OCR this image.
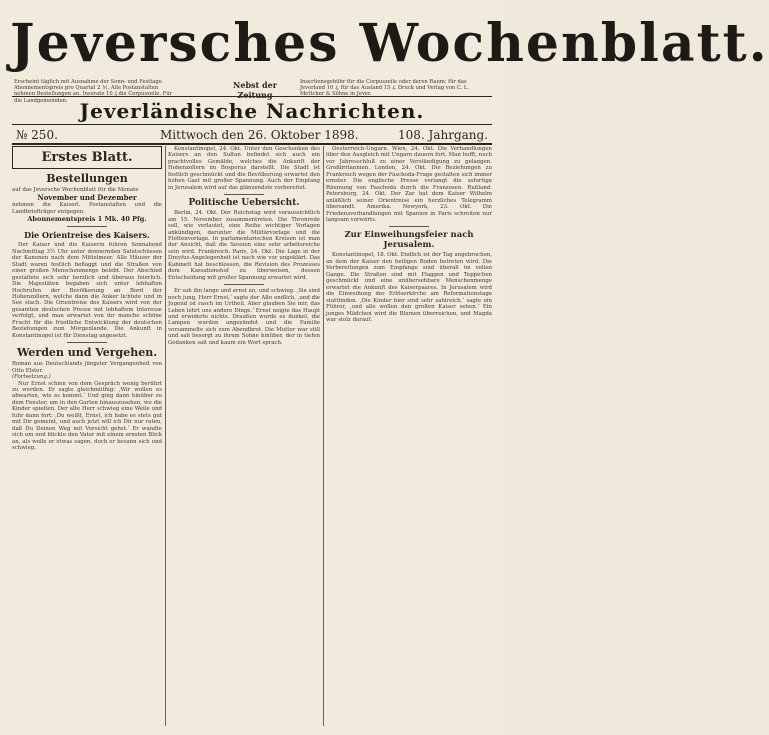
Jeversches Wochenblatt.
Erscheint täglich mit Ausnahme der Sonn- und Festtage. Abonnementspreis pro Quartal 2 ℳ. Alle Postanstalten nehmen Bestellungen an. Inserate 10 ₰ die Corpuszeile. Für die Landgemeinden.
Nebst der Zeitung
Insertionsgebühr für die Corpuszeile oder deren Raum: für das Jeverland 10 ₰, für das Ausland 15 ₰. Druck und Verlag von C. L. Mettcker & Söhne in Jever.
Jeverländische Nachrichten.
№ 250.	Mittwoch den 26. Oktober 1898.	108. Jahrgang.
Erstes Blatt.
Bestellungen
auf das Jeversche Wochenblatt für die Monate
November und Dezember
nehmen die Kaiserl. Postanstalten und die Landbriefträger entgegen.
Abonnementspreis 1 Mk. 40 Pfg.
Die Orientreise des Kaisers.

Der Kaiser und die Kaiserin fuhren Sonnabend Nachmittag 3½ Uhr unter donnernden Salutschüssen der Kanonen nach dem Mittelmeer. Alle Häuser der Stadt waren festlich beflaggt und die Straßen von einer großen Menschenmenge belebt. Der Abschied gestaltete sich sehr herzlich und überaus feierlich. Die Majestäten begaben sich unter lebhaften Hochrufen der Bevölkerung an Bord der Hohenzollern, welche dann die Anker lichtete und in See stach. Die Orientreise des Kaisers wird von der gesamten deutschen Presse mit lebhaftem Interesse verfolgt, und man erwartet von ihr manche schöne Frucht für die friedliche Entwicklung der deutschen Beziehungen zum Morgenlande. Die Ankunft in Konstantinopel ist für Dienstag angesetzt.

Werden und Vergehen.
Roman aus Deutschlands jüngster Vergangenheit von Otto Elster.
(Fortsetzung.)

Nur Ernst schien von dem Gespräch wenig berührt zu werden. Er sagte gleichmüthig: ‚Wir wollen es abwarten, wie es kommt.‘ Und ging dann hinüber zu dem Fenster, um in den Garten hinauszusehen, wo die Kinder spielten. Der alte Herr schwieg eine Weile und fuhr dann fort: ‚Du weißt, Ernst, ich habe es stets gut mit Dir gemeint, und auch jetzt will ich Dir nur raten, daß Du Deinen Weg mit Vorsicht gehst.‘ Er wandte sich um und blickte den Vater mit einem ernsten Blick an, als wolle er etwas sagen, doch er besann sich und schwieg.

Konstantinopel, 24. Okt. Unter den Geschenken des Kaisers an den Sultan befindet sich auch ein prachtvolles Gemälde, welches die Ankunft der Hohenzollern im Bosporus darstellt. Die Stadt ist festlich geschmückt und die Bevölkerung erwartet den hohen Gast mit großer Spannung. Auch der Empfang in Jerusalem wird auf das glänzendste vorbereitet.

Politische Uebersicht.

Berlin, 24. Okt. Der Reichstag wird voraussichtlich am 15. November zusammentreten. Die Thronrede soll, wie verlautet, eine Reihe wichtiger Vorlagen ankündigen, darunter die Militärvorlage und die Flottenvorlage. In parlamentarischen Kreisen ist man der Ansicht, daß die Session eine sehr arbeitsreiche sein wird. Frankreich. Paris, 24. Okt. Die Lage in der Dreyfus-Angelegenheit ist nach wie vor ungeklärt. Das Kabinett hat beschlossen, die Revision des Prozesses dem Kassationshof zu überweisen, dessen Entscheidung mit großer Spannung erwartet wird.

Er sah ihn lange und ernst an, und schwieg. ‚Sie sind noch jung, Herr Ernst,‘ sagte der Alte endlich, ‚und die Jugend ist rasch im Urtheil. Aber glauben Sie mir, das Leben lehrt uns andere Dinge.‘ Ernst neigte das Haupt und erwiderte nichts. Draußen wurde es dunkel, die Lampen wurden angezündet und die Familie versammelte sich zum Abendbrot. Die Mutter war still und sah besorgt zu ihrem Sohne hinüber, der in tiefen Gedanken saß und kaum ein Wort sprach.

Oesterreich-Ungarn. Wien, 24. Okt. Die Verhandlungen über den Ausgleich mit Ungarn dauern fort. Man hofft, noch vor Jahresschluß zu einer Verständigung zu gelangen. Großbritannien. London, 24. Okt. Die Beziehungen zu Frankreich wegen der Faschoda-Frage gestalten sich immer ernster. Die englische Presse verlangt die sofortige Räumung von Faschoda durch die Franzosen. Rußland. Petersburg, 24. Okt. Der Zar hat dem Kaiser Wilhelm anläßlich seiner Orientreise ein herzliches Telegramm übersandt. Amerika. Newyork, 23. Okt. Die Friedensverhandlungen mit Spanien in Paris schreiten nur langsam vorwärts.

Zur Einweihungsfeier nach Jerusalem.

Konstantinopel, 18. Okt. Endlich ist der Tag angebrochen, an dem der Kaiser den heiligen Boden betreten wird. Die Vorbereitungen zum Empfange sind überall im vollen Gange. Die Straßen sind mit Flaggen und Teppichen geschmückt und eine unübersehbare Menschenmenge erwartet die Ankunft des Kaiserpaares. In Jerusalem wird die Einweihung der Erlöserkirche am Reformationstage stattfinden. ‚Die Kinder hier sind sehr zahlreich,‘ sagte ein Führer, ‚und alle wollen den großen Kaiser sehen.‘ Ein junges Mädchen wird die Blumen überreichen, und Magda war stolz darauf.
